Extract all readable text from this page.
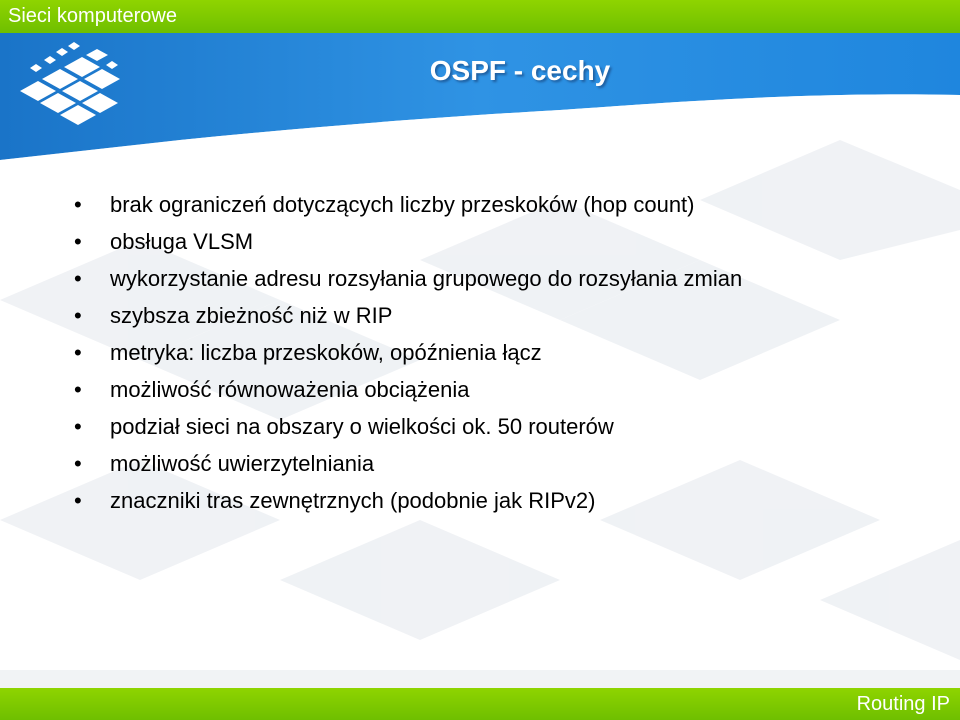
Sieci komputerowe
E-STUDIA INFORMATYCZNE
OSPF - cechy
•	brak ograniczeń dotyczących liczby przeskoków (hop count)
•	obsługa VLSM
•	wykorzystanie adresu rozsyłania grupowego do rozsyłania zmian
•	szybsza zbieżność niż w RIP
•	metryka: liczba przeskoków, opóźnienia łącz
•	możliwość równoważenia obciążenia
•	podział sieci na obszary o wielkości ok. 50 routerów
•	możliwość uwierzytelniania
•	znaczniki tras zewnętrznych (podobnie jak RIPv2)
Routing IP
